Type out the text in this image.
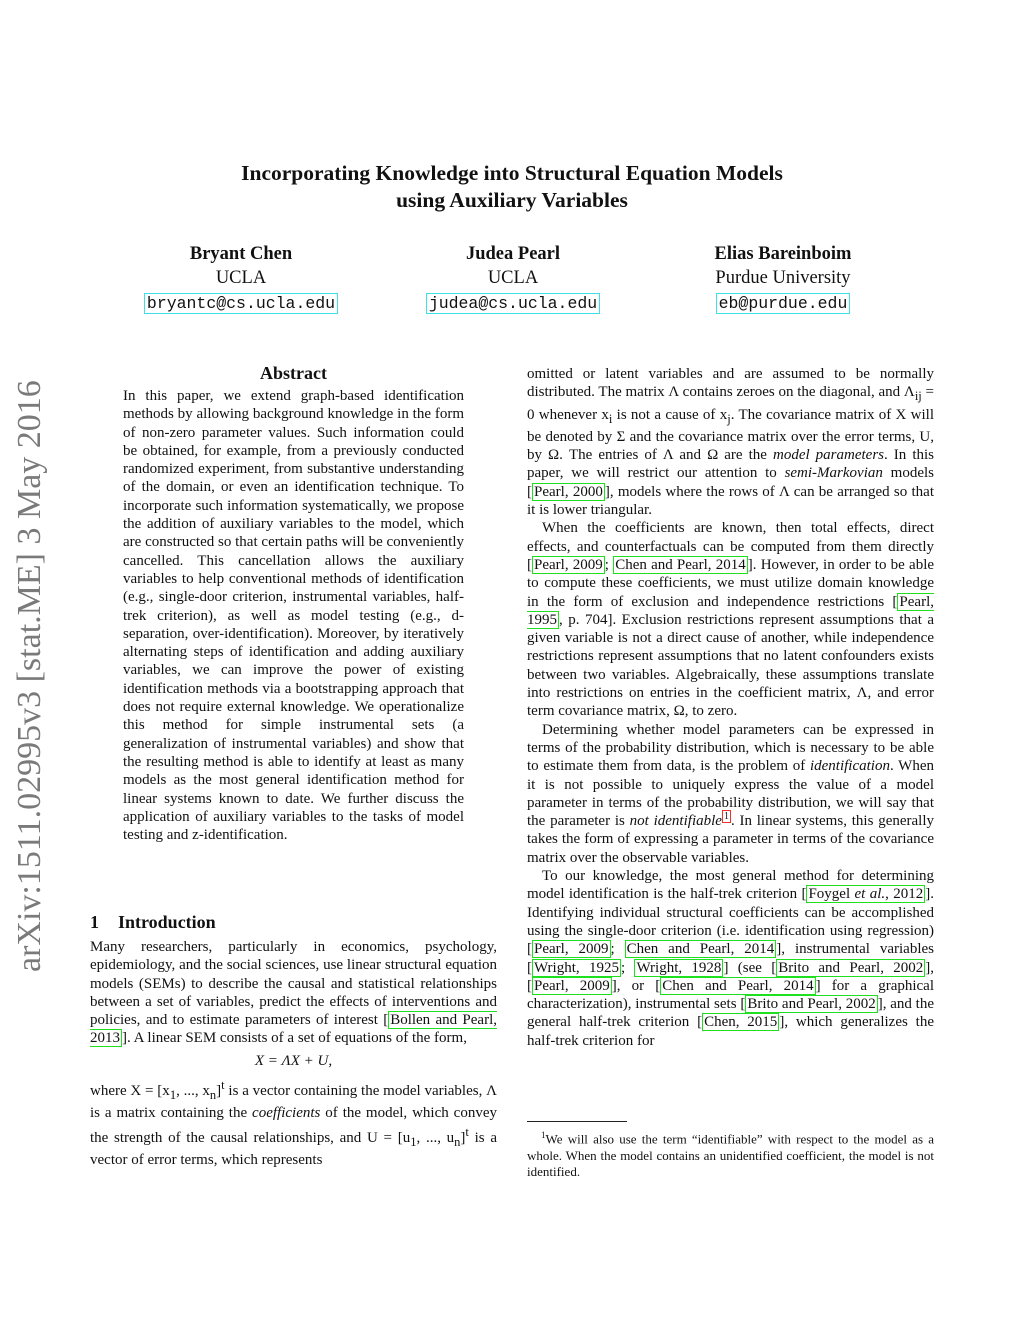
arXiv:1511.02995v3 [stat.ME] 3 May 2016
Incorporating Knowledge into Structural Equation Models
using Auxiliary Variables
Bryant Chen
UCLA
bryantc@cs.ucla.edu
Judea Pearl
UCLA
judea@cs.ucla.edu
Elias Bareinboim
Purdue University
eb@purdue.edu
Abstract

In this paper, we extend graph-based identification methods by allowing background knowledge in the form of non-zero parameter values. Such information could be obtained, for example, from a previously conducted randomized experiment, from substantive understanding of the domain, or even an identification technique. To incorporate such information systematically, we propose the addition of auxiliary variables to the model, which are constructed so that certain paths will be conveniently cancelled. This cancellation allows the auxiliary variables to help conventional methods of identification (e.g., single-door criterion, instrumental variables, half-trek criterion), as well as model testing (e.g., d-separation, over-identification). Moreover, by iteratively alternating steps of identification and adding auxiliary variables, we can improve the power of existing identification methods via a bootstrapping approach that does not require external knowledge. We operationalize this method for simple instrumental sets (a generalization of instrumental variables) and show that the resulting method is able to identify at least as many models as the most general identification method for linear systems known to date. We further discuss the application of auxiliary variables to the tasks of model testing and z-identification.

1 Introduction

Many researchers, particularly in economics, psychology, epidemiology, and the social sciences, use linear structural equation models (SEMs) to describe the causal and statistical relationships between a set of variables, predict the effects of interventions and policies, and to estimate parameters of interest [ Bollen and Pearl, 2013 ]. A linear SEM consists of a set of equations of the form,

X = ΛX + U,

where $X = [x_1$, ..., $x_n]^t$ is a vector containing the model variables, Λ is a matrix containing the coefficients of the model, which convey the strength of the causal relationships, and $U = [u_1$, ..., $u_n]^t$ is a vector of error terms, which represents

omitted or latent variables and are assumed to be normally distributed. The matrix Λ contains zeroes on the diagonal, and $\Lambda_{ij} = 0$ whenever $x_i$ is not a cause of $x_j$. The covariance matrix of X will be denoted by Σ and the covariance matrix over the error terms, U, by Ω. The entries of Λ and Ω are the model parameters. In this paper, we will restrict our attention to semi-Markovian models [ Pearl, 2000 ], models where the rows of Λ can be arranged so that it is lower triangular.

When the coefficients are known, then total effects, direct effects, and counterfactuals can be computed from them directly [ Pearl, 2009 ; Chen and Pearl, 2014 ]. However, in order to be able to compute these coefficients, we must utilize domain knowledge in the form of exclusion and independence restrictions [ Pearl, 1995 , p. 704]. Exclusion restrictions represent assumptions that a given variable is not a direct cause of another, while independence restrictions represent assumptions that no latent confounders exists between two variables. Algebraically, these assumptions translate into restrictions on entries in the coefficient matrix, Λ, and error term covariance matrix, Ω, to zero.

Determining whether model parameters can be expressed in terms of the probability distribution, which is necessary to be able to estimate them from data, is the problem of identification. When it is not possible to uniquely express the value of a model parameter in terms of the probability distribution, we will say that the parameter is not identifiable $^1$ . In linear systems, this generally takes the form of expressing a parameter in terms of the covariance matrix over the observable variables.

To our knowledge, the most general method for determining model identification is the half-trek criterion [ Foygel et al., 2012 ]. Identifying individual structural coefficients can be accomplished using the single-door criterion (i.e. identification using regression) [ Pearl, 2009 ; Chen and Pearl, 2014 ], instrumental variables [ Wright, 1925 ; Wright, 1928 ] (see [ Brito and Pearl, 2002 ], [ Pearl, 2009 ], or [ Chen and Pearl, 2014 ] for a graphical characterization), instrumental sets [ Brito and Pearl, 2002 ], and the general half-trek criterion [ Chen, 2015 ], which generalizes the half-trek criterion for

$^1$We will also use the term “identifiable” with respect to the model as a whole. When the model contains an unidentified coefficient, the model is not identified.
